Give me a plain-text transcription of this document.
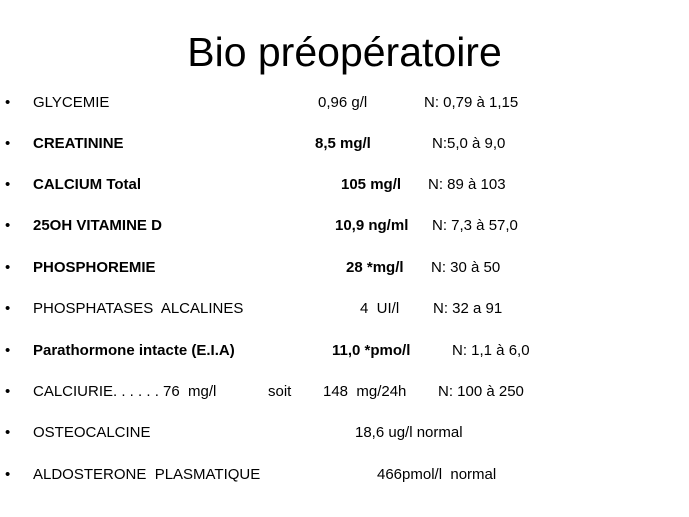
Bio préopératoire
• GLYCEMIE	0,96 g/l	N: 0,79 à 1,15
• CREATININE	8,5 mg/l	N:5,0 à 9,0
• CALCIUM Total	105 mg/l N: 89 à 103
• 25OH VITAMINE D	10,9 ng/ml N: 7,3 à 57,0
• PHOSPHOREMIE	28 *mg/l N: 30 à 50
• PHOSPHATASES  ALCALINES	4  UI/l N: 32 a 91
• Parathormone intacte (E.I.A)	11,0 *pmo/l	N: 1,1 à 6,0
• CALCIURIE. . . . . . 76  mg/l	soit 148  mg/24h N: 100 à 250
• OSTEOCALCINE	18,6 ug/l normal
• ALDOSTERONE  PLASMATIQUE	466pmol/l  normal
